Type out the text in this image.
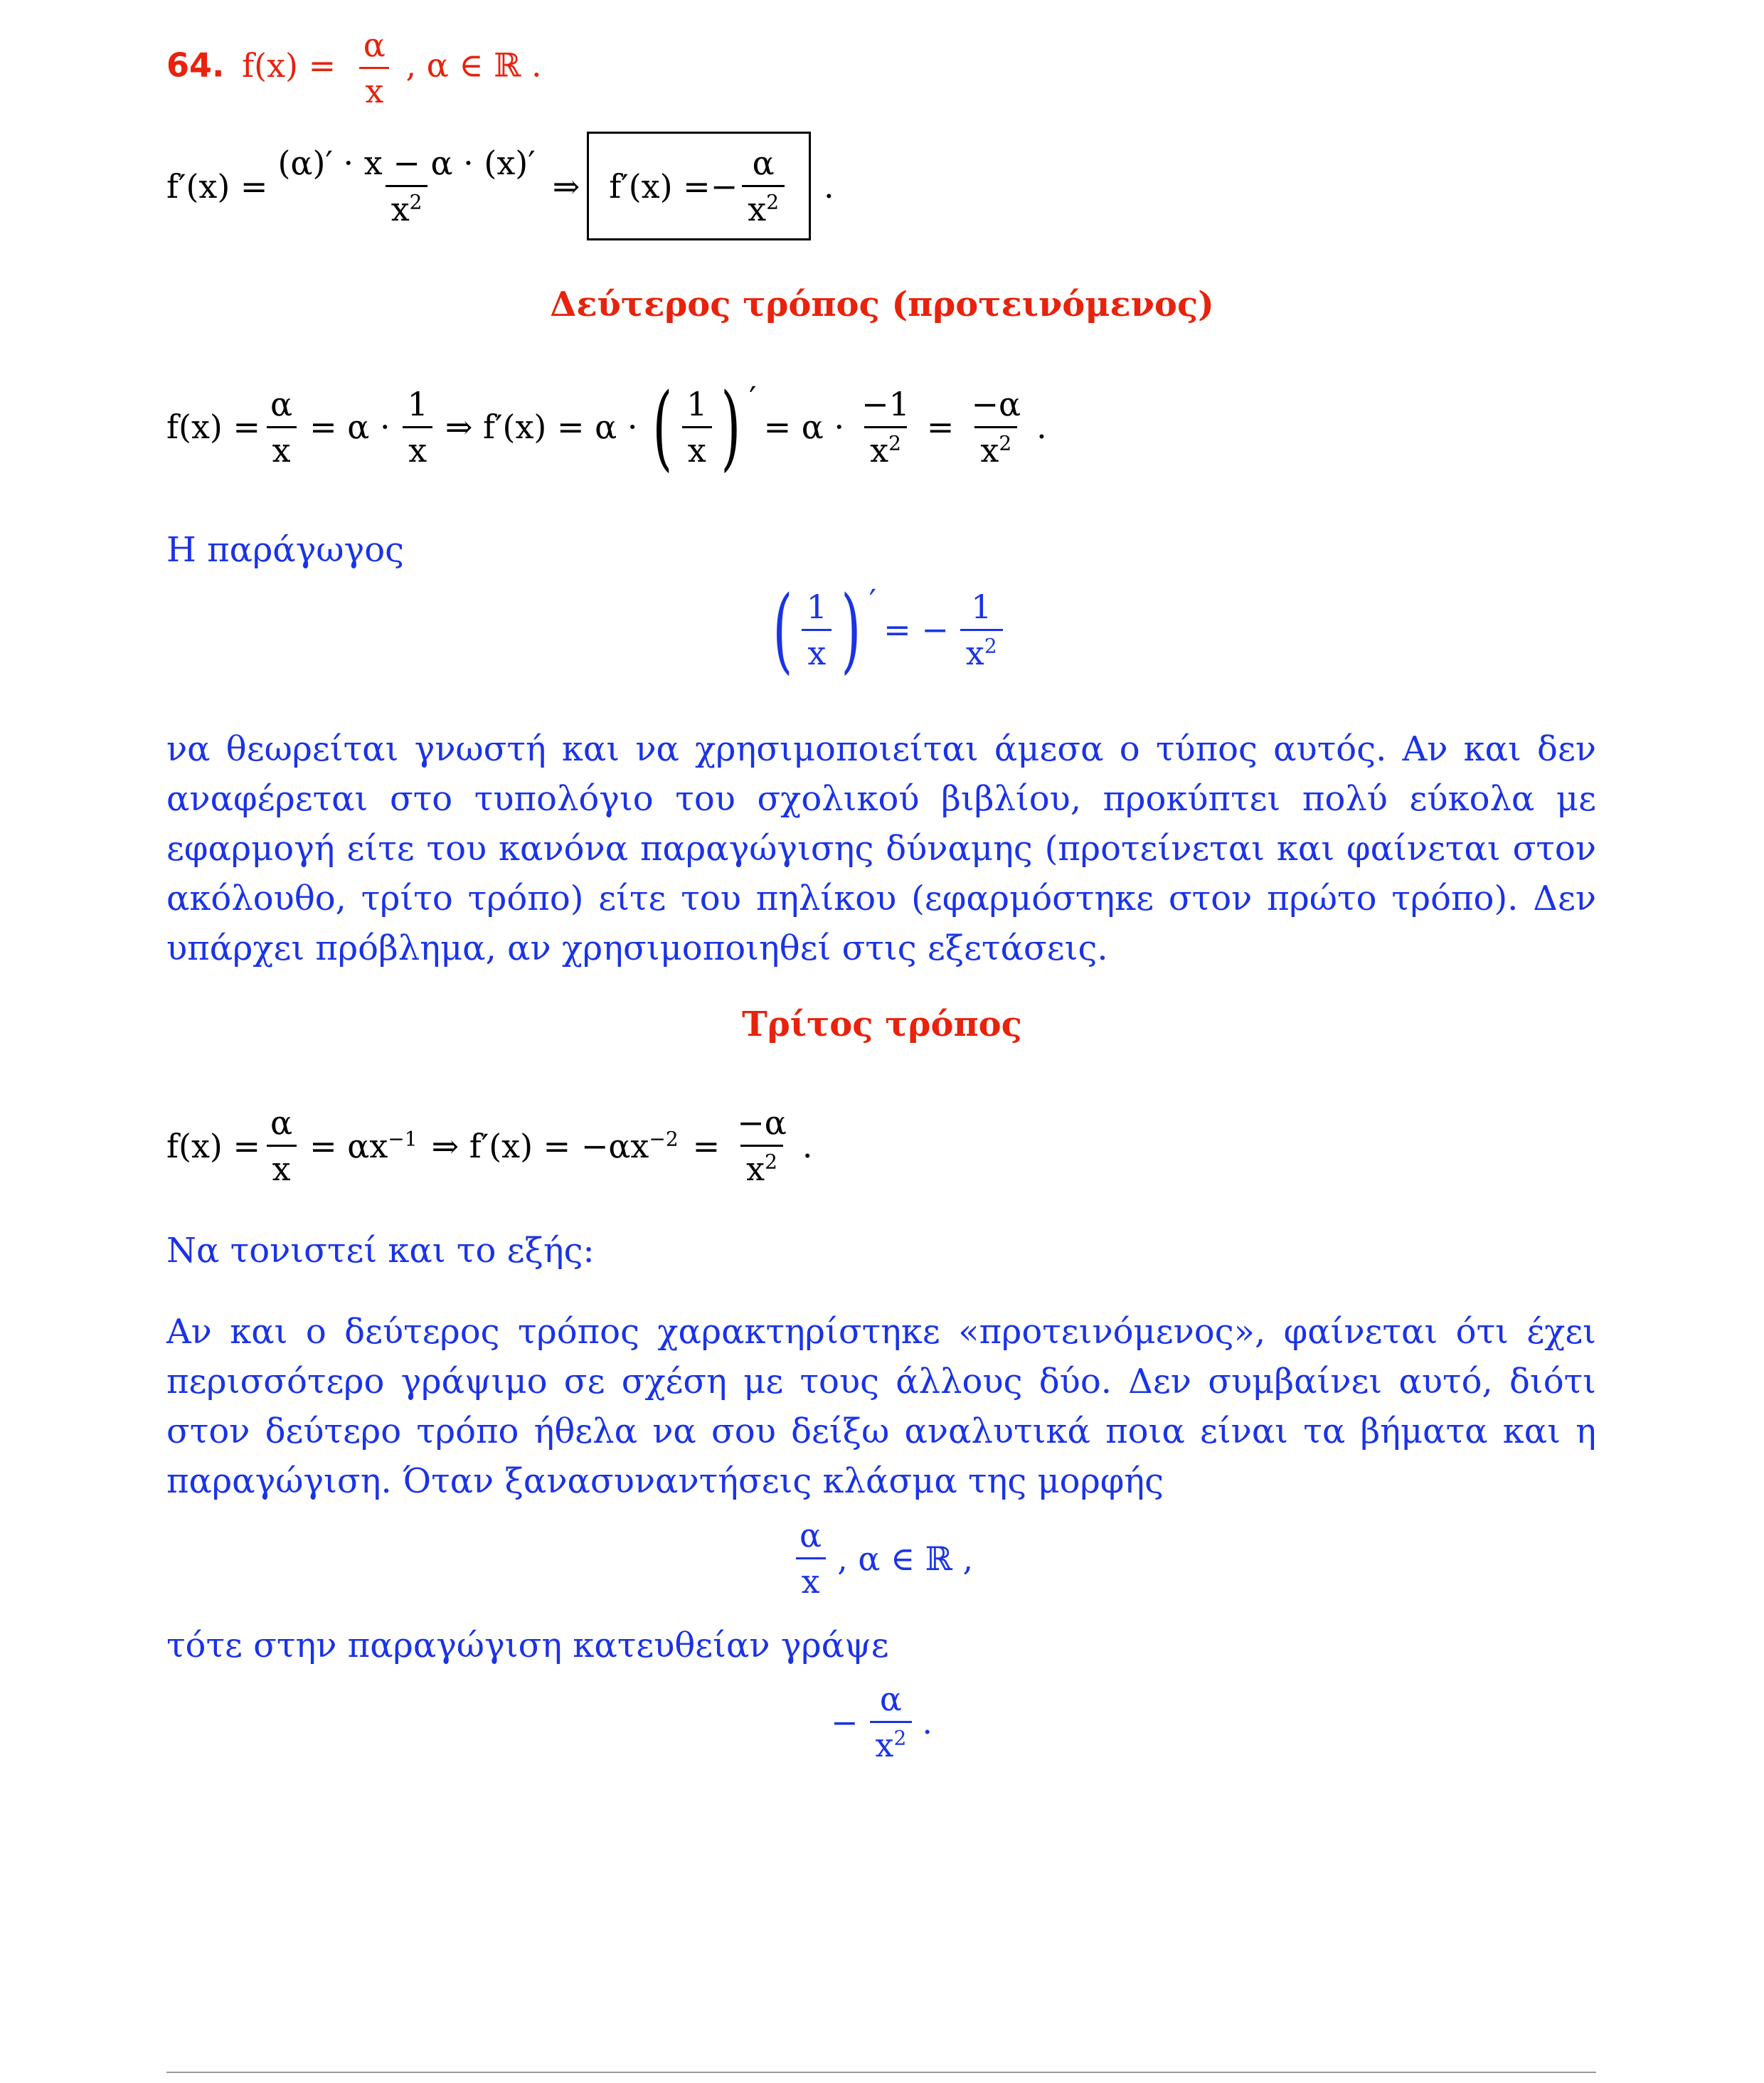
64. $f(x) = \frac{\alpha}{x}$ , α ∈ ℝ .
$f'(x) = \frac{(\alpha)' \cdot x - \alpha \cdot (x)'}{x^2}$ ⇒ $f'(x) =- \frac{\alpha}{x^2}$ .
Δεύτερος τρόπος (προτεινόμενος)
$f(x) = \frac{\alpha}{x} = \alpha \cdot \frac{1}{x}$ ⇒ f′(x) = α · ( $\frac{1}{x}$ ) ′
= $\alpha \cdot \frac{-1}{x^2} = \frac{-\alpha}{x^2}$ .
Η παράγωγος
( $\frac{1}{x}$ ) ′
= − $\frac{1}{x^2}$
να θεωρείται γνωστή και να χρησιμοποιείται άμεσα ο τύπος αυτός. Αν και δεν αναφέρεται στο τυπολόγιο του σχολικού βιβλίου, προκύπτει πολύ εύκολα με εφαρμογή είτε του κανόνα παραγώγισης δύναμης (προτείνεται και φαίνεται στον ακόλουθο, τρίτο τρόπο) είτε του πηλίκου (εφαρμόστηκε στον πρώτο τρόπο). Δεν υπάρχει πρόβλημα, αν χρησιμοποιηθεί στις εξετάσεις.
Τρίτος τρόπος
$f(x) = \frac{\alpha}{x} = \alpha x^{-1}$ ⇒ $f'(x) = -\alpha x^{-2} = \frac{-\alpha}{x^2}$ .
Να τονιστεί και το εξής:
Αν και ο δεύτερος τρόπος χαρακτηρίστηκε «προτεινόμενος», φαίνεται ότι έχει περισσότερο γράψιμο σε σχέση με τους άλλους δύο. Δεν συμβαίνει αυτό, διότι στον δεύτερο τρόπο ήθελα να σου δείξω αναλυτικά ποια είναι τα βήματα και η παραγώγιση. Όταν ξανασυναντήσεις κλάσμα της μορφής
$\frac{\alpha}{x}$ , α ∈ ℝ ,
τότε στην παραγώγιση κατευθείαν γράψε
− $\frac{\alpha}{x^2}$ .
